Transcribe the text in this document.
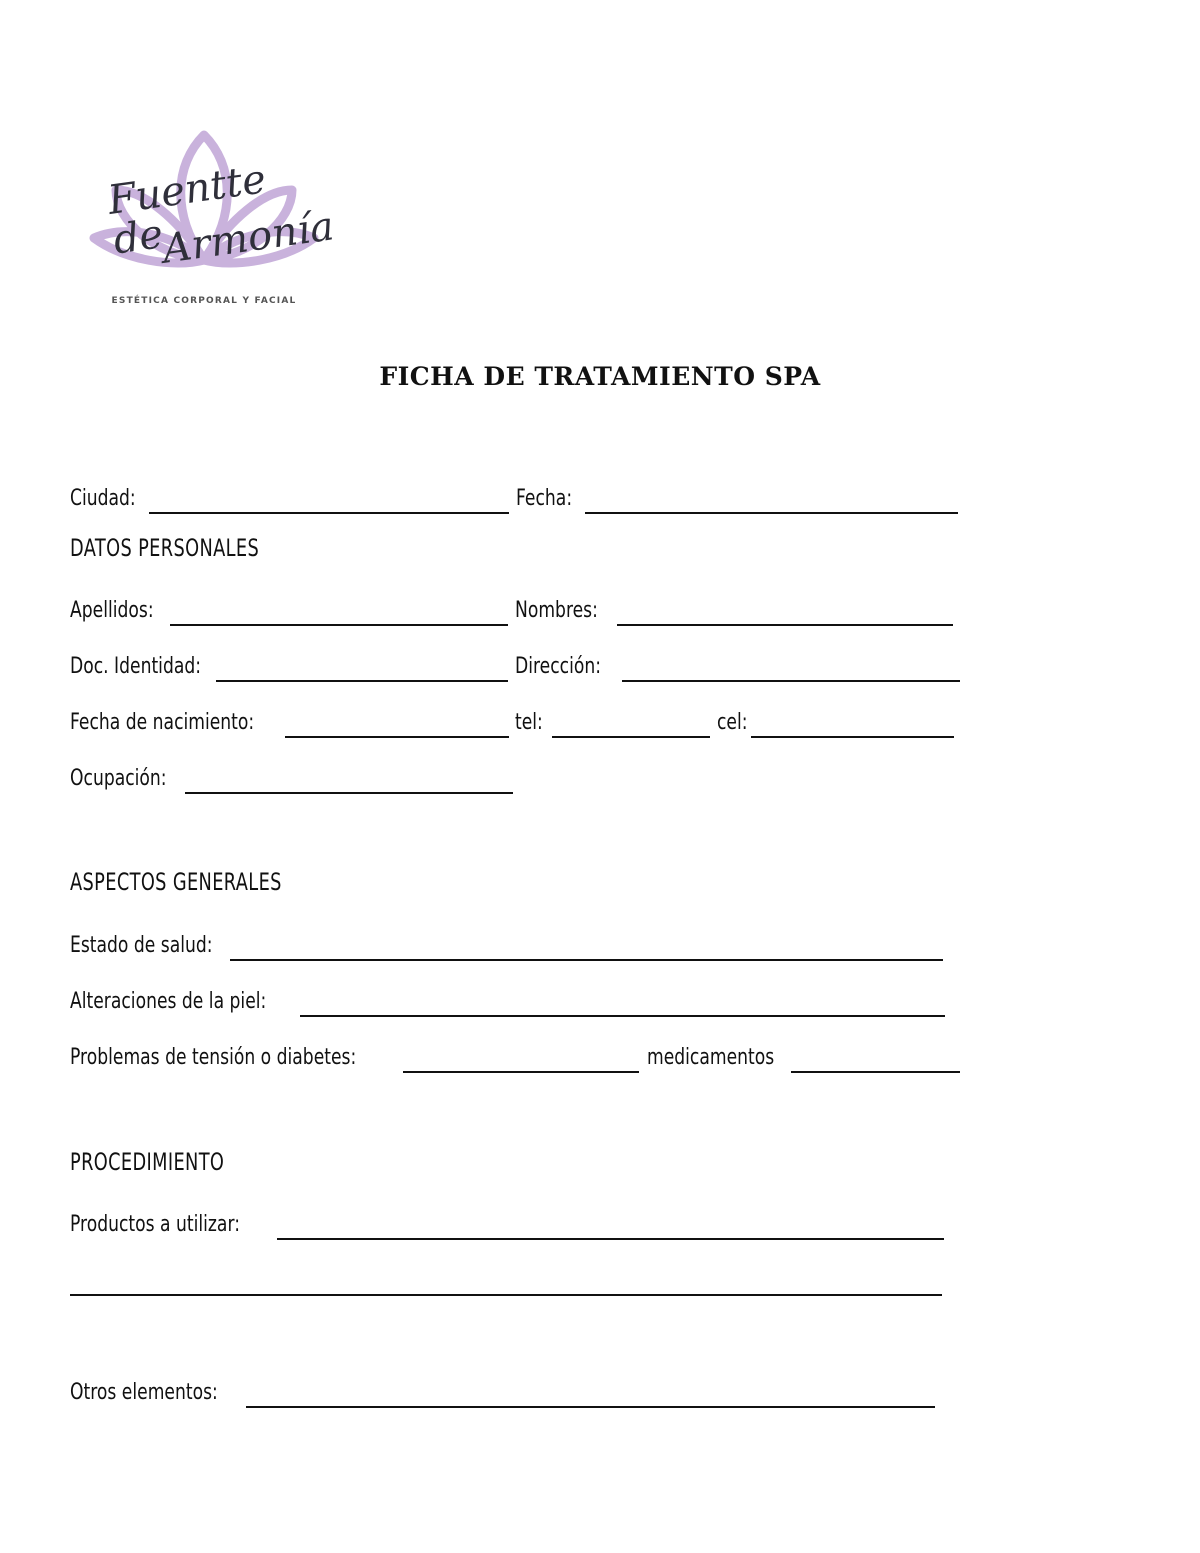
Fuentte de
Armonía
ESTÉTICA CORPORAL Y FACIAL
FICHA DE TRATAMIENTO SPA
Ciudad:	Fecha:
DATOS PERSONALES
Apellidos:	Nombres:
Doc. Identidad:	Dirección:
Fecha de nacimiento:	tel:	cel:
Ocupación:
ASPECTOS GENERALES
Estado de salud:
Alteraciones de la piel:
Problemas de tensión o diabetes:	medicamentos
PROCEDIMIENTO
Productos a utilizar:
Otros elementos:
